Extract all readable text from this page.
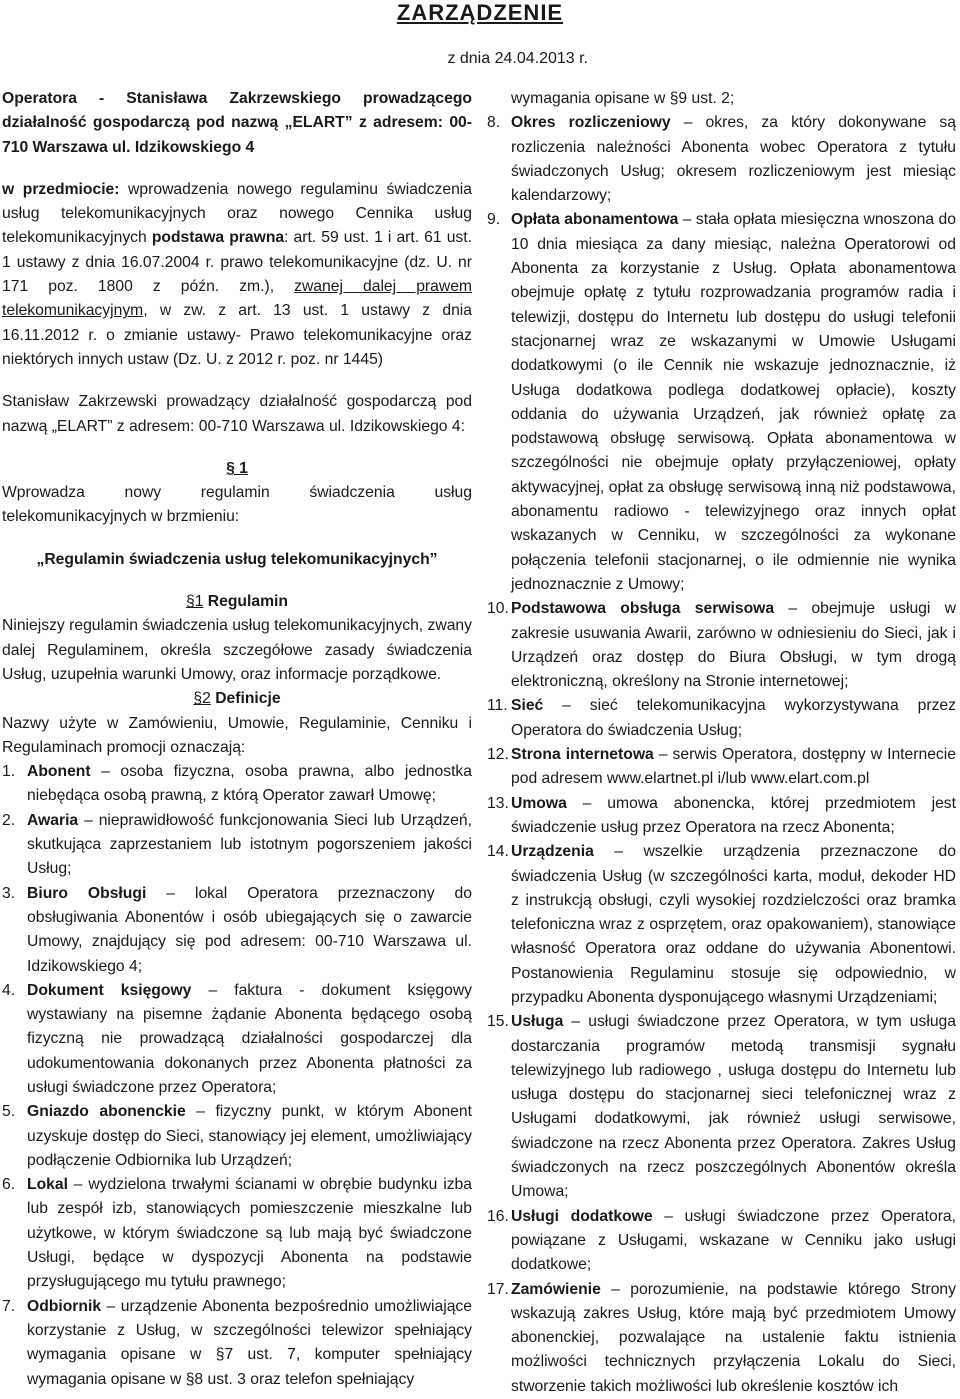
ZARZĄDZENIE
z dnia 24.04.2013 r.

Operatora - Stanisława Zakrzewskiego prowadzącego działalność gospodarczą pod nazwą „ELART” z adresem: 00-710 Warszawa ul. Idzikowskiego 4

w przedmiocie: wprowadzenia nowego regulaminu świadczenia usług telekomunikacyjnych oraz nowego Cennika usług telekomunikacyjnych podstawa prawna: art. 59 ust. 1 i art. 61 ust. 1 ustawy z dnia 16.07.2004 r. prawo telekomunikacyjne (dz. U. nr 171 poz. 1800 z późn. zm.), zwanej dalej prawem telekomunikacyjnym, w zw. z art. 13 ust. 1 ustawy z dnia 16.11.2012 r. o zmianie ustawy- Prawo telekomunikacyjne oraz niektórych innych ustaw (Dz. U. z 2012 r. poz. nr 1445)

Stanisław Zakrzewski prowadzący działalność gospodarczą pod nazwą „ELART” z adresem: 00-710 Warszawa ul. Idzikowskiego 4:

§ 1

Wprowadza nowy regulamin świadczenia usług telekomunikacyjnych w brzmieniu:

„Regulamin świadczenia usług telekomunikacyjnych”

§1 Regulamin

Niniejszy regulamin świadczenia usług telekomunikacyjnych, zwany dalej Regulaminem, określa szczegółowe zasady świadczenia Usług, uzupełnia warunki Umowy, oraz informacje porządkowe.

§2 Definicje

Nazwy użyte w Zamówieniu, Umowie, Regulaminie, Cenniku i Regulaminach promocji oznaczają:

1. Abonent – osoba fizyczna, osoba prawna, albo jednostka niebędąca osobą prawną, z którą Operator zawarł Umowę;
2. Awaria – nieprawidłowość funkcjonowania Sieci lub Urządzeń, skutkująca zaprzestaniem lub istotnym pogorszeniem jakości Usług;
3. Biuro Obsługi – lokal Operatora przeznaczony do obsługiwania Abonentów i osób ubiegających się o zawarcie Umowy, znajdujący się pod adresem: 00-710 Warszawa ul. Idzikowskiego 4;
4. Dokument księgowy – faktura - dokument księgowy wystawiany na pisemne żądanie Abonenta będącego osobą fizyczną nie prowadzącą działalności gospodarczej dla udokumentowania dokonanych przez Abonenta płatności za usługi świadczone przez Operatora;
5. Gniazdo abonenckie – fizyczny punkt, w którym Abonent uzyskuje dostęp do Sieci, stanowiący jej element, umożliwiający podłączenie Odbiornika lub Urządzeń;
6. Lokal – wydzielona trwałymi ścianami w obrębie budynku izba lub zespół izb, stanowiących pomieszczenie mieszkalne lub użytkowe, w którym świadczone są lub mają być świadczone Usługi, będące w dyspozycji Abonenta na podstawie przysługującego mu tytułu prawnego;
7. Odbiornik – urządzenie Abonenta bezpośrednio umożliwiające korzystanie z Usług, w szczególności telewizor spełniający wymagania opisane w §7 ust. 7, komputer spełniający wymagania opisane w §8 ust. 3 oraz telefon spełniający
wymagania opisane w §9 ust. 2;
8. Okres rozliczeniowy – okres, za który dokonywane są rozliczenia należności Abonenta wobec Operatora z tytułu świadczonych Usług; okresem rozliczeniowym jest miesiąc kalendarzowy;
9. Opłata abonamentowa – stała opłata miesięczna wnoszona do 10 dnia miesiąca za dany miesiąc, należna Operatorowi od Abonenta za korzystanie z Usług. Opłata abonamentowa obejmuje opłatę z tytułu rozprowadzania programów radia i telewizji, dostępu do Internetu lub dostępu do usługi telefonii stacjonarnej wraz ze wskazanymi w Umowie Usługami dodatkowymi (o ile Cennik nie wskazuje jednoznacznie, iż Usługa dodatkowa podlega dodatkowej opłacie), koszty oddania do używania Urządzeń, jak również opłatę za podstawową obsługę serwisową. Opłata abonamentowa w szczególności nie obejmuje opłaty przyłączeniowej, opłaty aktywacyjnej, opłat za obsługę serwisową inną niż podstawowa, abonamentu radiowo - telewizyjnego oraz innych opłat wskazanych w Cenniku, w szczególności za wykonane połączenia telefonii stacjonarnej, o ile odmiennie nie wynika jednoznacznie z Umowy;
10. Podstawowa obsługa serwisowa – obejmuje usługi w zakresie usuwania Awarii, zarówno w odniesieniu do Sieci, jak i Urządzeń oraz dostęp do Biura Obsługi, w tym drogą elektroniczną, określony na Stronie internetowej;
11. Sieć – sieć telekomunikacyjna wykorzystywana przez Operatora do świadczenia Usług;
12. Strona internetowa – serwis Operatora, dostępny w Internecie pod adresem www.elartnet.pl i/lub www.elart.com.pl
13. Umowa – umowa abonencka, której przedmiotem jest świadczenie usług przez Operatora na rzecz Abonenta;
14. Urządzenia – wszelkie urządzenia przeznaczone do świadczenia Usług (w szczególności karta, moduł, dekoder HD z instrukcją obsługi, czyli wysokiej rozdzielczości oraz bramka telefoniczna wraz z osprzętem, oraz opakowaniem), stanowiące własność Operatora oraz oddane do używania Abonentowi. Postanowienia Regulaminu stosuje się odpowiednio, w przypadku Abonenta dysponującego własnymi Urządzeniami;
15. Usługa – usługi świadczone przez Operatora, w tym usługa dostarczania programów metodą transmisji sygnału telewizyjnego lub radiowego , usługa dostępu do Internetu lub usługa dostępu do stacjonarnej sieci telefonicznej wraz z Usługami dodatkowymi, jak również usługi serwisowe, świadczone na rzecz Abonenta przez Operatora. Zakres Usług świadczonych na rzecz poszczególnych Abonentów określa Umowa;
16. Usługi dodatkowe – usługi świadczone przez Operatora, powiązane z Usługami, wskazane w Cenniku jako usługi dodatkowe;
17. Zamówienie – porozumienie, na podstawie którego Strony wskazują zakres Usług, które mają być przedmiotem Umowy abonenckiej, pozwalające na ustalenie faktu istnienia możliwości technicznych przyłączenia Lokalu do Sieci, stworzenie takich możliwości lub określenie kosztów ich
